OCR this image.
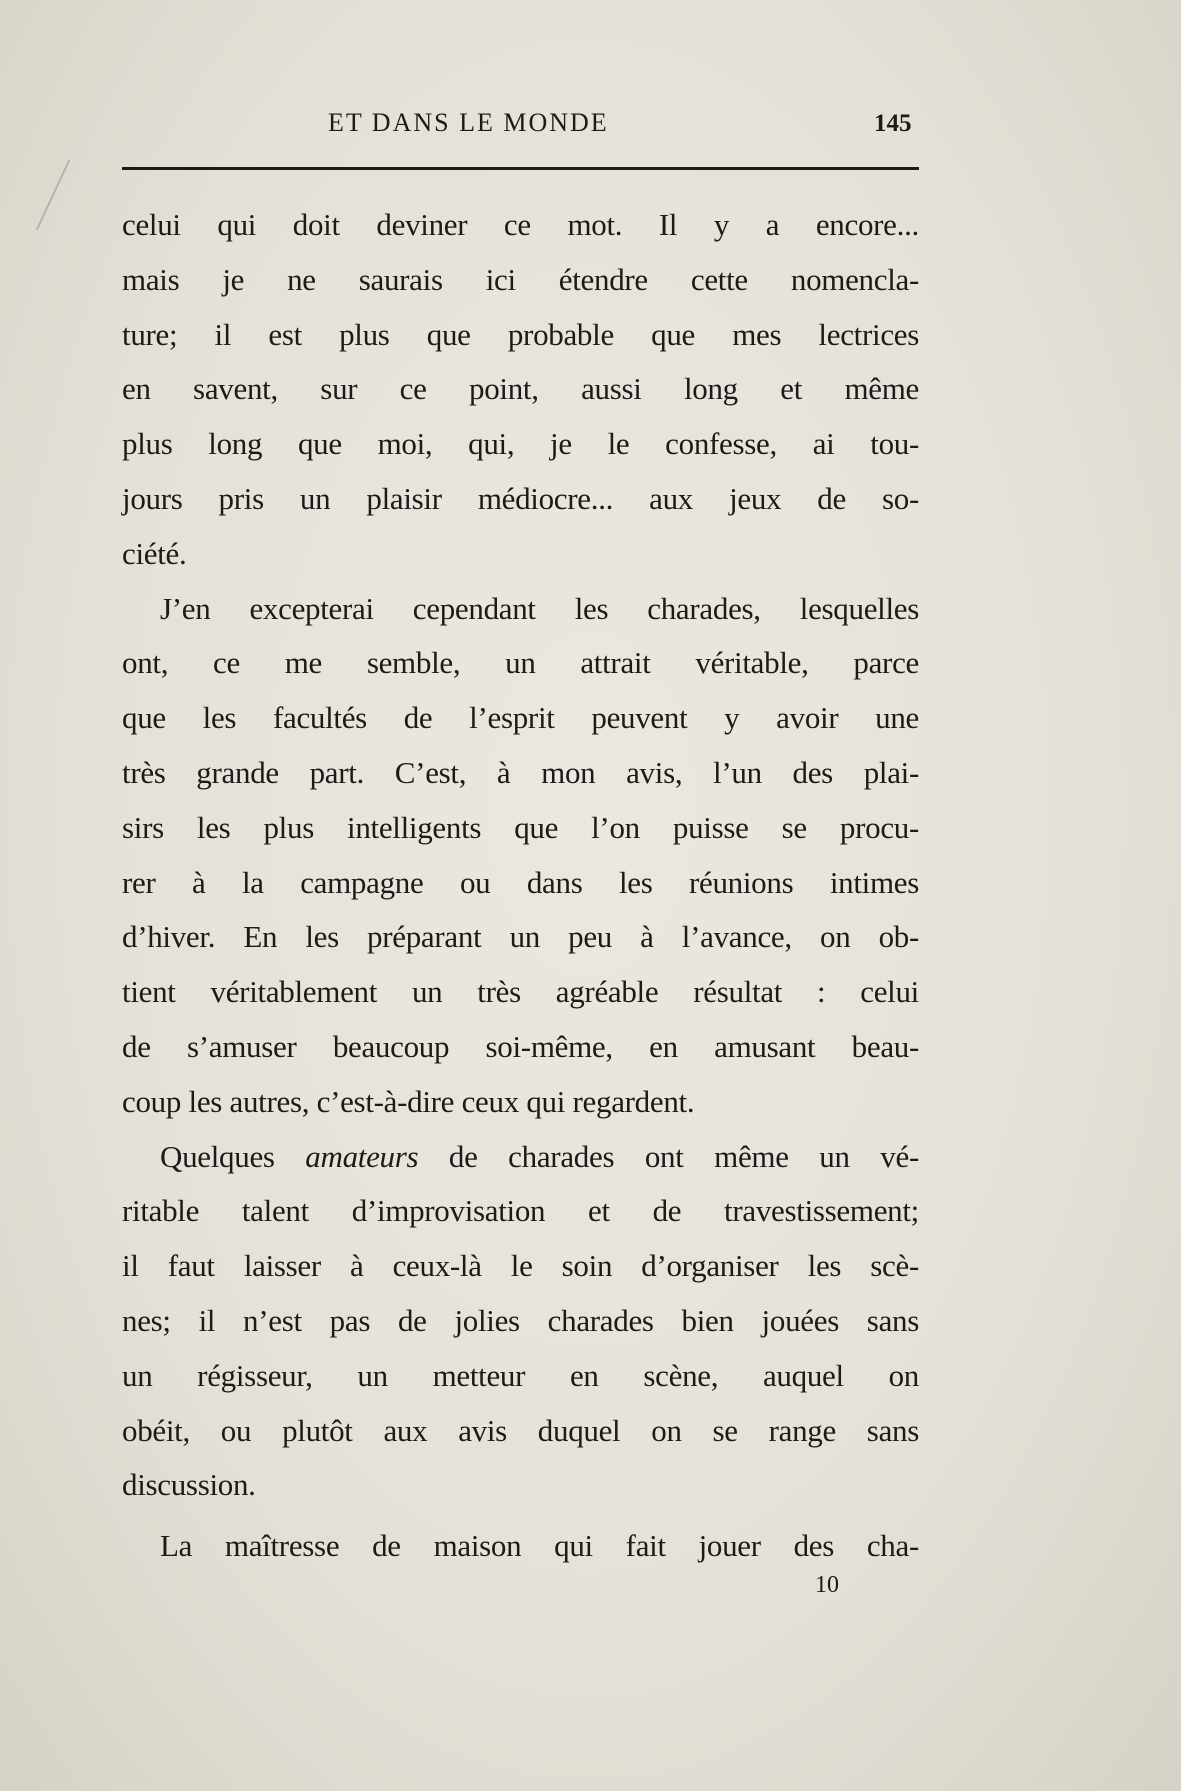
ET DANS LE MONDE	145
celui qui doit deviner ce mot. Il y a encore...
mais je ne saurais ici étendre cette nomencla-
ture; il est plus que probable que mes lectrices
en savent, sur ce point, aussi long et même
plus long que moi, qui, je le confesse, ai tou-
jours pris un plaisir médiocre... aux jeux de so-
ciété.
J’en excepterai cependant les charades, lesquelles
ont, ce me semble, un attrait véritable, parce
que les facultés de l’esprit peuvent y avoir une
très grande part. C’est, à mon avis, l’un des plai-
sirs les plus intelligents que l’on puisse se procu-
rer à la campagne ou dans les réunions intimes
d’hiver. En les préparant un peu à l’avance, on ob-
tient véritablement un très agréable résultat : celui
de s’amuser beaucoup soi-même, en amusant beau-
coup les autres, c’est-à-dire ceux qui regardent.
Quelques amateurs de charades ont même un vé-
ritable talent d’improvisation et de travestissement;
il faut laisser à ceux-là le soin d’organiser les scè-
nes; il n’est pas de jolies charades bien jouées sans
un régisseur, un metteur en scène, auquel on
obéit, ou plutôt aux avis duquel on se range sans
discussion.
La maîtresse de maison qui fait jouer des cha-
10
